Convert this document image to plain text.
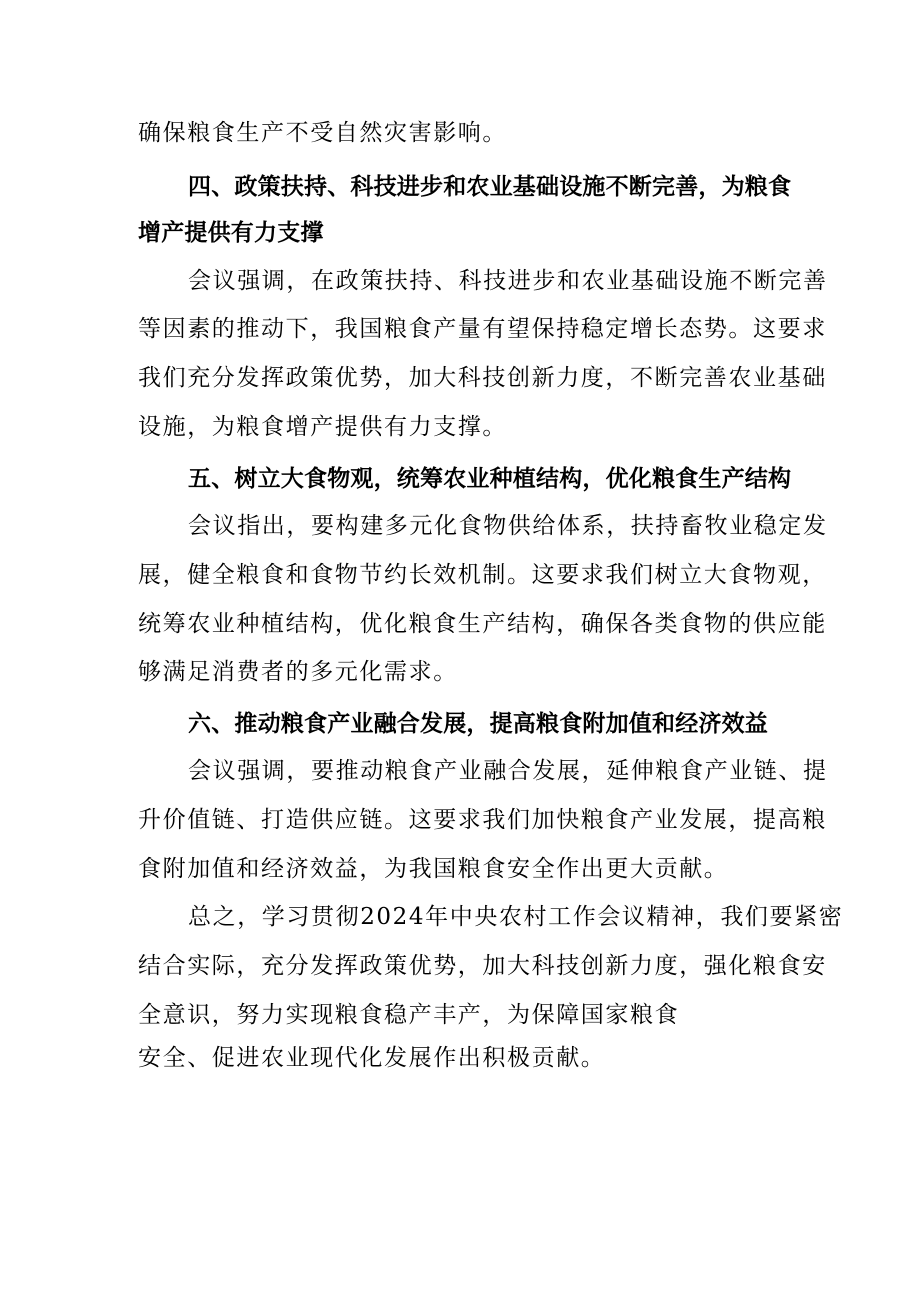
确保粮食生产不受自然灾害影响。
四、政策扶持、科技进步和农业基础设施不断完善，为粮食
增产提供有力支撑
会议强调，在政策扶持、科技进步和农业基础设施不断完善
等因素的推动下，我国粮食产量有望保持稳定增长态势。这要求
我们充分发挥政策优势，加大科技创新力度，不断完善农业基础
设施，为粮食增产提供有力支撑。
五、树立大食物观，统筹农业种植结构，优化粮食生产结构
会议指出，要构建多元化食物供给体系，扶持畜牧业稳定发
展，健全粮食和食物节约长效机制。这要求我们树立大食物观，
统筹农业种植结构，优化粮食生产结构，确保各类食物的供应能
够满足消费者的多元化需求。
六、推动粮食产业融合发展，提高粮食附加值和经济效益
会议强调，要推动粮食产业融合发展，延伸粮食产业链、提
升价值链、打造供应链。这要求我们加快粮食产业发展，提高粮
食附加值和经济效益，为我国粮食安全作出更大贡献。
总之，学习贯彻2024年中央农村工作会议精神，我们要紧密
结合实际，充分发挥政策优势，加大科技创新力度，强化粮食安
全意识，努力实现粮食稳产丰产，为保障国家粮食
安全、促进农业现代化发展作出积极贡献。
